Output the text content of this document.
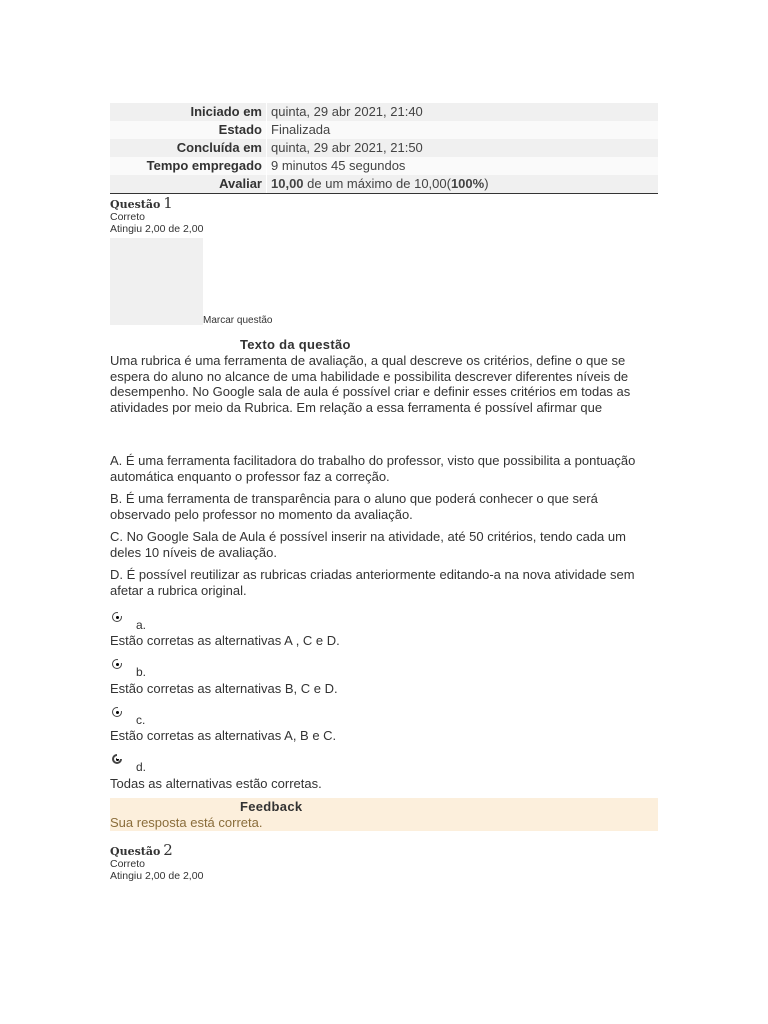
Iniciado em	quinta, 29 abr 2021, 21:40
Estado	Finalizada
Concluída em	quinta, 29 abr 2021, 21:50
Tempo empregado	9 minutos 45 segundos
Avaliar	10,00 de um máximo de 10,00(100%)
Questão 1
Correto
Atingiu 2,00 de 2,00
Marcar questão
Texto da questão
Uma rubrica é uma ferramenta de avaliação, a qual descreve os critérios, define o que se espera do aluno no alcance de uma habilidade e possibilita descrever diferentes níveis de desempenho. No Google sala de aula é possível criar e definir esses critérios em todas as atividades por meio da Rubrica. Em relação a essa ferramenta é possível afirmar que
A. É uma ferramenta facilitadora do trabalho do professor, visto que possibilita a pontuação automática enquanto o professor faz a correção.
B. É uma ferramenta de transparência para o aluno que poderá conhecer o que será observado pelo professor no momento da avaliação.
C. No Google Sala de Aula é possível inserir na atividade, até 50 critérios, tendo cada um deles 10 níveis de avaliação.
D. É possível reutilizar as rubricas criadas anteriormente editando-a na nova atividade sem afetar a rubrica original.
a.
Estão corretas as alternativas A , C e D.
b.
Estão corretas as alternativas B, C e D.
c.
Estão corretas as alternativas A, B e C.
d.
Todas as alternativas estão corretas.
Feedback
Sua resposta está correta.
Questão 2
Correto
Atingiu 2,00 de 2,00
